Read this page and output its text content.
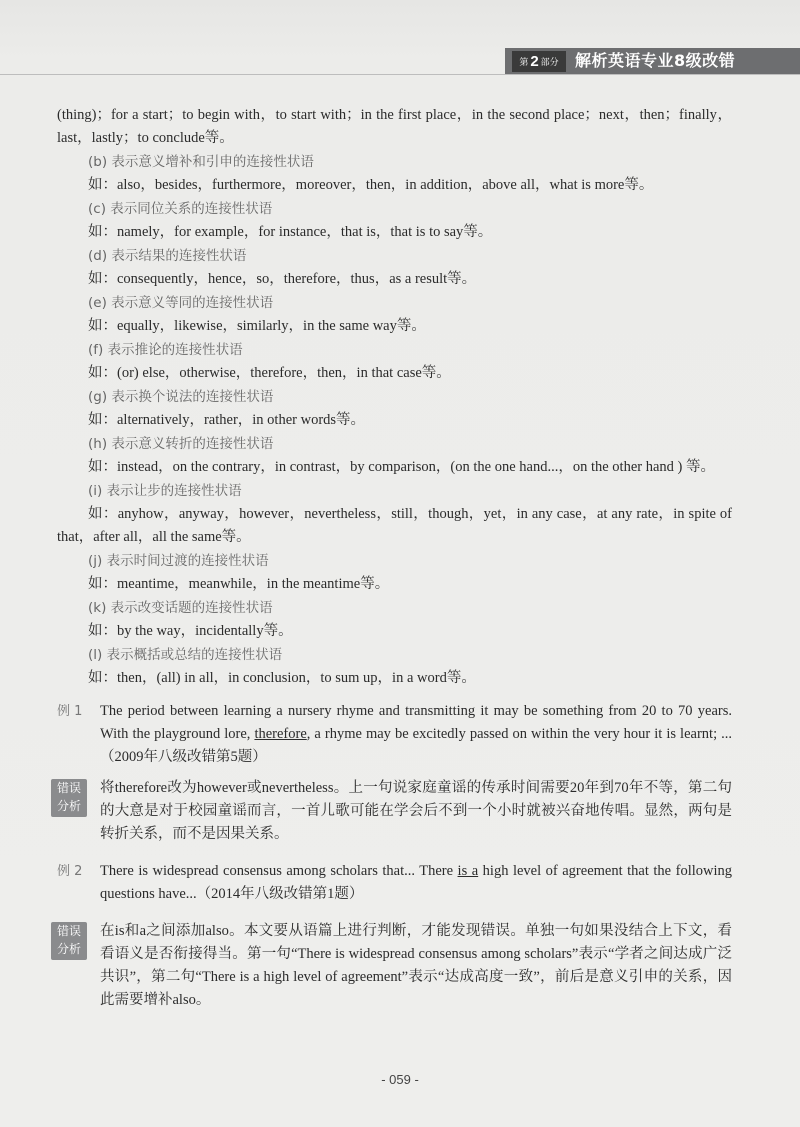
第 2 部分 解析英语专业8级改错

(thing)；for a start；to begin with，to start with；in the first place，in the second place；next，then；finally，last，lastly；to conclude等。

(b) 表示意义增补和引申的连接性状语

如：also，besides，furthermore，moreover，then，in addition，above all，what is more等。

(c) 表示同位关系的连接性状语

如：namely，for example，for instance，that is，that is to say等。

(d) 表示结果的连接性状语

如：consequently，hence，so，therefore，thus，as a result等。

(e) 表示意义等同的连接性状语

如：equally，likewise，similarly，in the same way等。

(f) 表示推论的连接性状语

如：(or) else，otherwise，therefore，then，in that case等。

(g) 表示换个说法的连接性状语

如：alternatively，rather，in other words等。

(h) 表示意义转折的连接性状语

如：instead，on the contrary，in contrast，by comparison，(on the one hand...，on the other hand ) 等。

(i) 表示让步的连接性状语

如：anyhow，anyway，however，nevertheless，still，though，yet，in any case，at any rate，in spite of that，after all，all the same等。

(j) 表示时间过渡的连接性状语

如：meantime，meanwhile，in the meantime等。

(k) 表示改变话题的连接性状语

如：by the way，incidentally等。

(l) 表示概括或总结的连接性状语

如：then，(all) in all，in conclusion，to sum up，in a word等。

例 1 The period between learning a nursery rhyme and transmitting it may be something from 20 to 70 years. With the playground lore, therefore, a rhyme may be excitedly passed on within the very hour it is learnt; ...（2009年八级改错第5题）

错误
分析

将therefore改为however或nevertheless。上一句说家庭童谣的传承时间需要20年到70年不等，第二句的大意是对于校园童谣而言，一首儿歌可能在学会后不到一个小时就被兴奋地传唱。显然，两句是转折关系，而不是因果关系。

例 2 There is widespread consensus among scholars that... There is a high level of agreement that the following questions have...（2014年八级改错第1题）

错误
分析

在is和a之间添加also。本文要从语篇上进行判断，才能发现错误。单独一句如果没结合上下文，看看语义是否衔接得当。第一句“There is widespread consensus among scholars”表示“学者之间达成广泛共识”，第二句“There is a high level of agreement”表示“达成高度一致”，前后是意义引申的关系，因此需要增补also。

- 059 -
